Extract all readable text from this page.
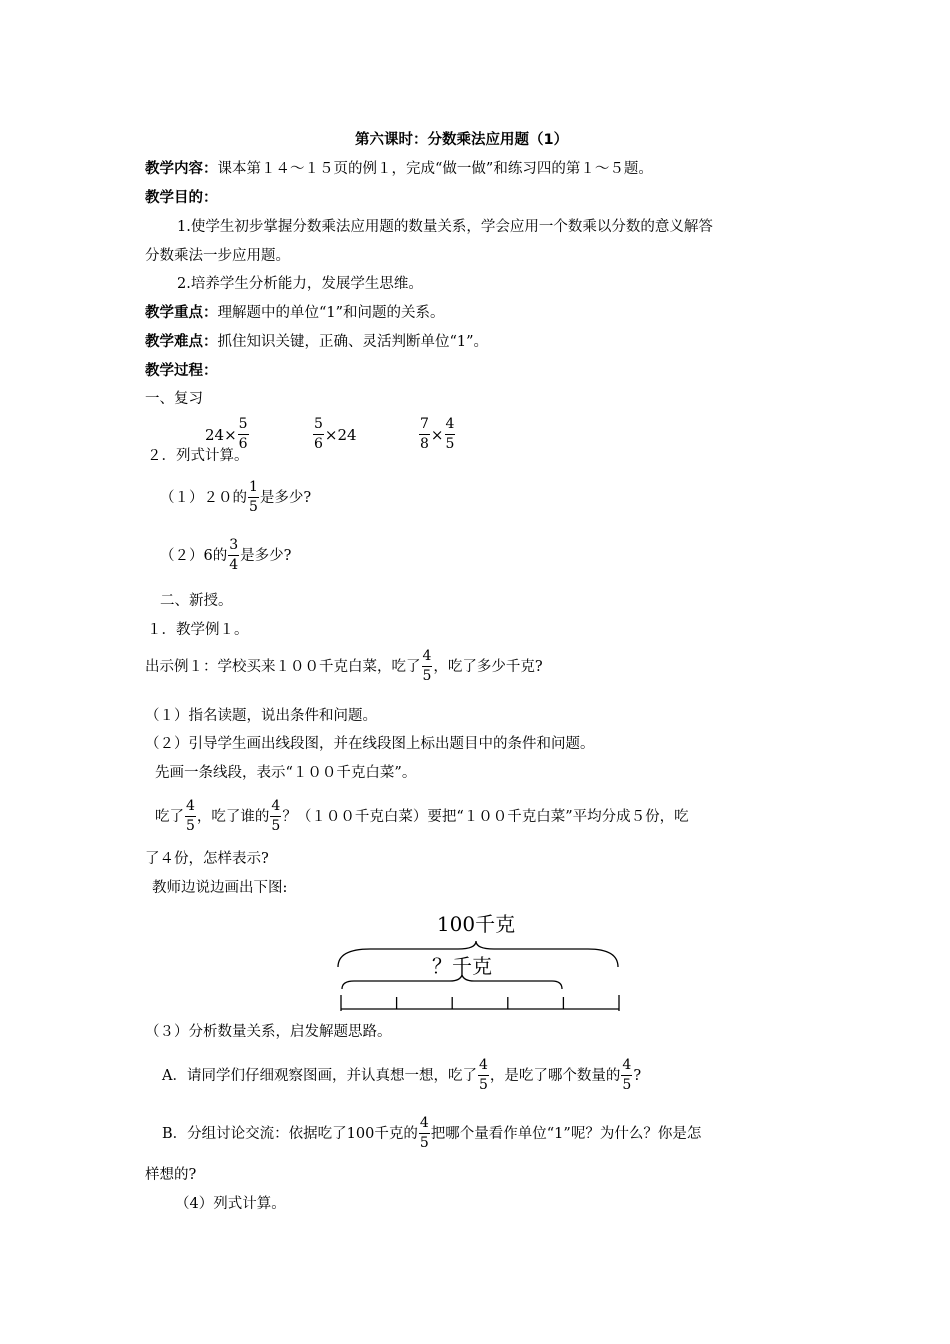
第六课时：分数乘法应用题（1）
教学内容：课本第１４～１５页的例１，完成“做一做”和练习四的第１～５题。
教学目的：
1.使学生初步掌握分数乘法应用题的数量关系，学会应用一个数乘以分数的意义解答
分数乘法一步应用题。
2.培养学生分析能力，发展学生思维。
教学重点：理解题中的单位“1”和问题的关系。
教学难点：抓住知识关键，正确、灵活判断单位“1”。
教学过程：
一、复习
$24 \times \frac{5}{6}$	$\frac{5}{6} \times 24$	$\frac{7}{8} \times \frac{4}{5}$
２．列式计算。
（１）２０的 $\frac{1}{5}$ 是多少?
（２）6的 $\frac{3}{4}$ 是多少?
二、新授。
１．教学例１。
出示例１：学校买来１００千克白菜，吃了 $\frac{4}{5}$ ，吃了多少千克?
（１）指名读题，说出条件和问题。
（２）引导学生画出线段图，并在线段图上标出题目中的条件和问题。
先画一条线段，表示“１００千克白菜”。
吃了 $\frac{4}{5}$ ，吃了谁的 $\frac{4}{5}$ ？（１００千克白菜）要把“１００千克白菜”平均分成５份，吃
了４份，怎样表示?
教师边说边画出下图:
100千克
？千克
（３）分析数量关系，启发解题思路。
A．请同学们仔细观察图画，并认真想一想，吃了 $\frac{4}{5}$ ，是吃了哪个数量的 $\frac{4}{5}$ ?
B．分组讨论交流：依据吃了100千克的 $\frac{4}{5}$ 把哪个量看作单位“1”呢？为什么？你是怎
样想的?
（4）列式计算。
